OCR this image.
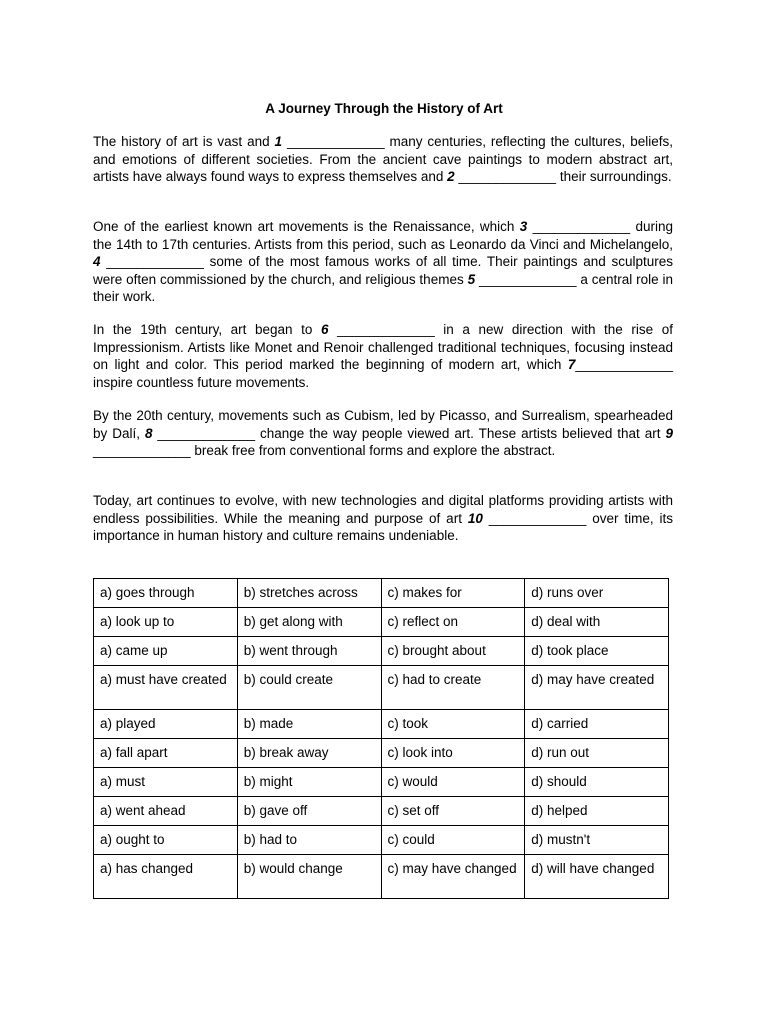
A Journey Through the History of Art

The history of art is vast and 1 _____________ many centuries, reflecting the cultures, beliefs, and emotions of different societies. From the ancient cave paintings to modern abstract art, artists have always found ways to express themselves and 2 _____________ their surroundings.

One of the earliest known art movements is the Renaissance, which 3 _____________ during the 14th to 17th centuries. Artists from this period, such as Leonardo da Vinci and Michelangelo, 4 _____________ some of the most famous works of all time. Their paintings and sculptures were often commissioned by the church, and religious themes 5 _____________ a central role in their work.

In the 19th century, art began to 6 _____________ in a new direction with the rise of Impressionism. Artists like Monet and Renoir challenged traditional techniques, focusing instead on light and color. This period marked the beginning of modern art, which 7_____________ inspire countless future movements.

By the 20th century, movements such as Cubism, led by Picasso, and Surrealism, spearheaded by Dalí, 8 _____________ change the way people viewed art. These artists believed that art 9 _____________ break free from conventional forms and explore the abstract.

Today, art continues to evolve, with new technologies and digital platforms providing artists with endless possibilities. While the meaning and purpose of art 10 _____________ over time, its importance in human history and culture remains undeniable.

a) goes through	b) stretches across	c) makes for	d) runs over
a) look up to	b) get along with	c) reflect on	d) deal with
a) came up	b) went through	c) brought about	d) took place
a) must have created	b) could create	c) had to create	d) may have created
a) played	b) made	c) took	d) carried
a) fall apart	b) break away	c) look into	d) run out
a) must	b) might	c) would	d) should
a) went ahead	b) gave off	c) set off	d) helped
a) ought to	b) had to	c) could	d) mustn't
a) has changed	b) would change	c) may have changed	d) will have changed
